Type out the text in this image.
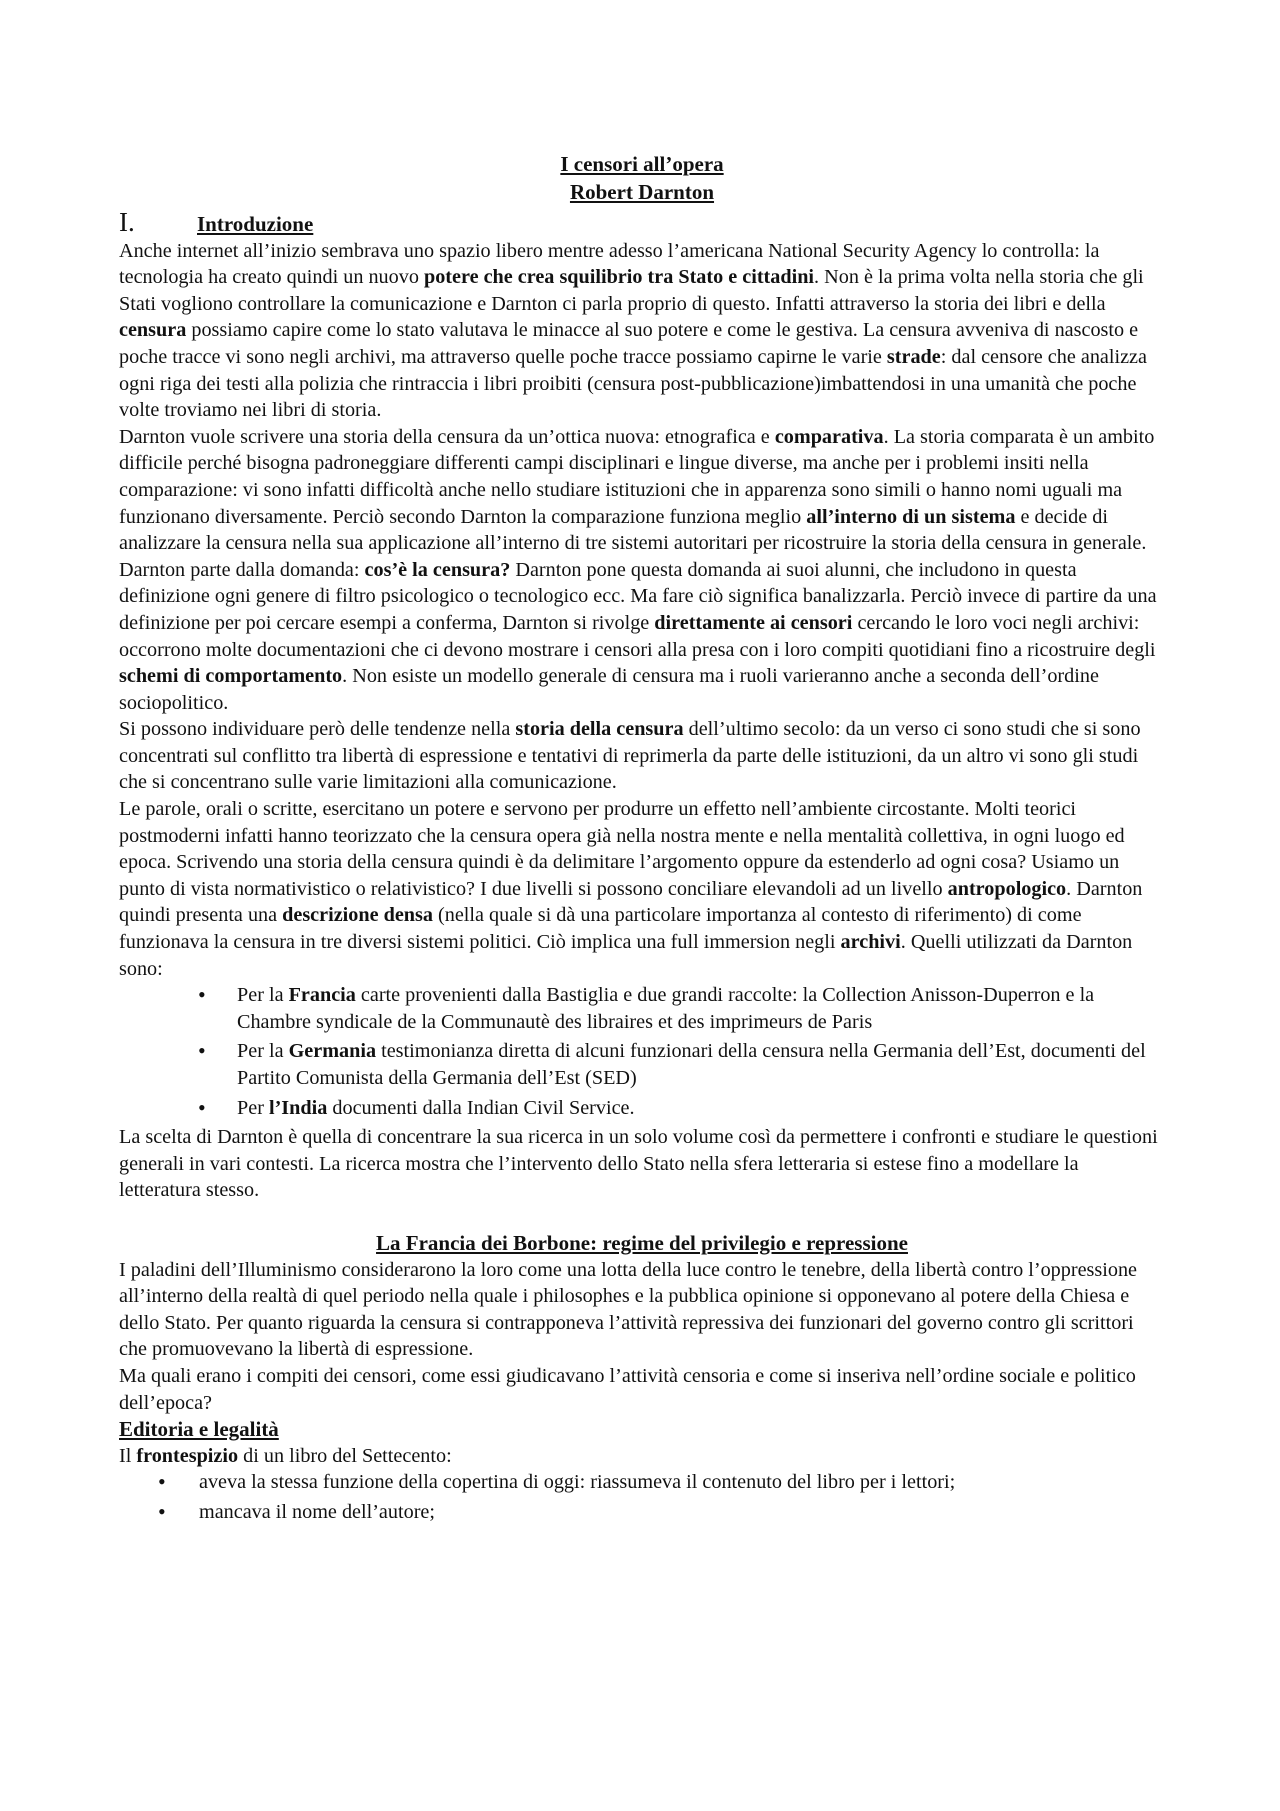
I censori all’opera
Robert Darnton
I.	Introduzione

Anche internet all’inizio sembrava uno spazio libero mentre adesso l’americana National Security Agency lo controlla: la tecnologia ha creato quindi un nuovo potere che crea squilibrio tra Stato e cittadini. Non è la prima volta nella storia che gli Stati vogliono controllare la comunicazione e Darnton ci parla proprio di questo. Infatti attraverso la storia dei libri e della censura possiamo capire come lo stato valutava le minacce al suo potere e come le gestiva. La censura avveniva di nascosto e poche tracce vi sono negli archivi, ma attraverso quelle poche tracce possiamo capirne le varie strade: dal censore che analizza ogni riga dei testi alla polizia che rintraccia i libri proibiti (censura post-pubblicazione)imbattendosi in una umanità che poche volte troviamo nei libri di storia.

Darnton vuole scrivere una storia della censura da un’ottica nuova: etnografica e comparativa. La storia comparata è un ambito difficile perché bisogna padroneggiare differenti campi disciplinari e lingue diverse, ma anche per i problemi insiti nella comparazione: vi sono infatti difficoltà anche nello studiare istituzioni che in apparenza sono simili o hanno nomi uguali ma funzionano diversamente. Perciò secondo Darnton la comparazione funziona meglio all’interno di un sistema e decide di analizzare la censura nella sua applicazione all’interno di tre sistemi autoritari per ricostruire la storia della censura in generale.

Darnton parte dalla domanda: cos’è la censura? Darnton pone questa domanda ai suoi alunni, che includono in questa definizione ogni genere di filtro psicologico o tecnologico ecc. Ma fare ciò significa banalizzarla. Perciò invece di partire da una definizione per poi cercare esempi a conferma, Darnton si rivolge direttamente ai censori cercando le loro voci negli archivi: occorrono molte documentazioni che ci devono mostrare i censori alla presa con i loro compiti quotidiani fino a ricostruire degli schemi di comportamento. Non esiste un modello generale di censura ma i ruoli varieranno anche a seconda dell’ordine sociopolitico.

Si possono individuare però delle tendenze nella storia della censura dell’ultimo secolo: da un verso ci sono studi che si sono concentrati sul conflitto tra libertà di espressione e tentativi di reprimerla da parte delle istituzioni, da un altro vi sono gli studi che si concentrano sulle varie limitazioni alla comunicazione.

Le parole, orali o scritte, esercitano un potere e servono per produrre un effetto nell’ambiente circostante. Molti teorici postmoderni infatti hanno teorizzato che la censura opera già nella nostra mente e nella mentalità collettiva, in ogni luogo ed epoca. Scrivendo una storia della censura quindi è da delimitare l’argomento oppure da estenderlo ad ogni cosa? Usiamo un punto di vista normativistico o relativistico? I due livelli si possono conciliare elevandoli ad un livello antropologico. Darnton quindi presenta una descrizione densa (nella quale si dà una particolare importanza al contesto di riferimento) di come funzionava la censura in tre diversi sistemi politici. Ciò implica una full immersion negli archivi. Quelli utilizzati da Darnton sono:

• Per la Francia carte provenienti dalla Bastiglia e due grandi raccolte: la Collection Anisson-Duperron e la Chambre syndicale de la Communautè des libraires et des imprimeurs de Paris
• Per la Germania testimonianza diretta di alcuni funzionari della censura nella Germania dell’Est, documenti del Partito Comunista della Germania dell’Est (SED)
• Per l’India documenti dalla Indian Civil Service.

La scelta di Darnton è quella di concentrare la sua ricerca in un solo volume così da permettere i confronti e studiare le questioni generali in vari contesti. La ricerca mostra che l’intervento dello Stato nella sfera letteraria si estese fino a modellare la letteratura stesso.

La Francia dei Borbone: regime del privilegio e repressione

I paladini dell’Illuminismo considerarono la loro come una lotta della luce contro le tenebre, della libertà contro l’oppressione all’interno della realtà di quel periodo nella quale i philosophes e la pubblica opinione si opponevano al potere della Chiesa e dello Stato. Per quanto riguarda la censura si contrapponeva l’attività repressiva dei funzionari del governo contro gli scrittori che promuovevano la libertà di espressione.

Ma quali erano i compiti dei censori, come essi giudicavano l’attività censoria e come si inseriva nell’ordine sociale e politico dell’epoca?

Editoria e legalità

Il frontespizio di un libro del Settecento:

• aveva la stessa funzione della copertina di oggi: riassumeva il contenuto del libro per i lettori;
• mancava il nome dell’autore;
